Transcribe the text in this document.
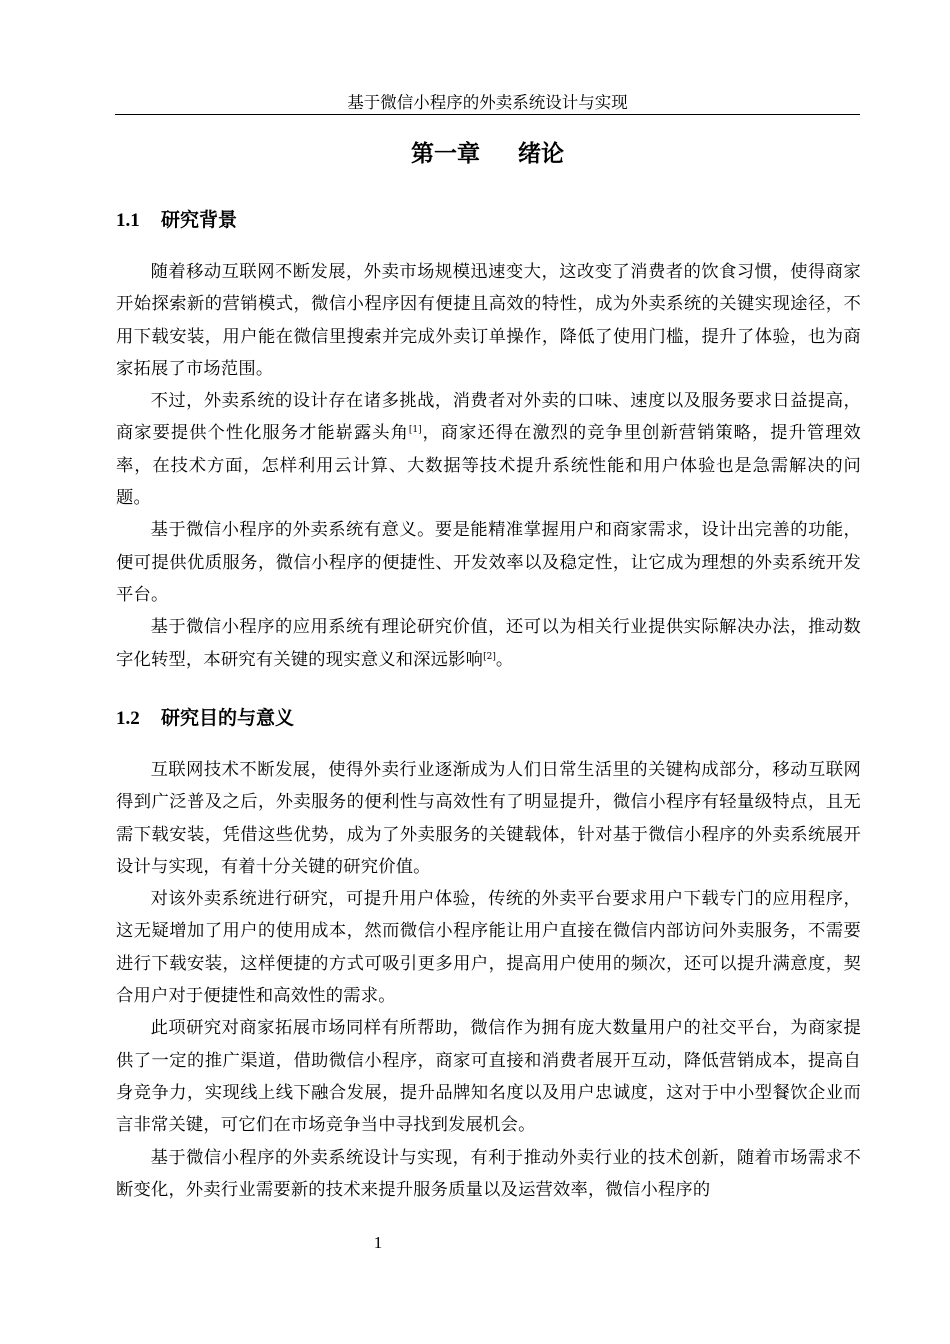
基于微信小程序的外卖系统设计与实现
第一章 绪论
1.1 研究背景

随着移动互联网不断发展，外卖市场规模迅速变大，这改变了消费者的饮食习惯，使得商家开始探索新的营销模式，微信小程序因有便捷且高效的特性，成为外卖系统的关键实现途径，不用下载安装，用户能在微信里搜索并完成外卖订单操作，降低了使用门槛，提升了体验，也为商家拓展了市场范围。

不过，外卖系统的设计存在诸多挑战，消费者对外卖的口味、速度以及服务要求日益提高，商家要提供个性化服务才能崭露头角[1]，商家还得在激烈的竞争里创新营销策略，提升管理效率，在技术方面，怎样利用云计算、大数据等技术提升系统性能和用户体验也是急需解决的问题。

基于微信小程序的外卖系统有意义。要是能精准掌握用户和商家需求，设计出完善的功能，便可提供优质服务，微信小程序的便捷性、开发效率以及稳定性，让它成为理想的外卖系统开发平台。

基于微信小程序的应用系统有理论研究价值，还可以为相关行业提供实际解决办法，推动数字化转型，本研究有关键的现实意义和深远影响[2]。

1.2 研究目的与意义

互联网技术不断发展，使得外卖行业逐渐成为人们日常生活里的关键构成部分，移动互联网得到广泛普及之后，外卖服务的便利性与高效性有了明显提升，微信小程序有轻量级特点，且无需下载安装，凭借这些优势，成为了外卖服务的关键载体，针对基于微信小程序的外卖系统展开设计与实现，有着十分关键的研究价值。

对该外卖系统进行研究，可提升用户体验，传统的外卖平台要求用户下载专门的应用程序，这无疑增加了用户的使用成本，然而微信小程序能让用户直接在微信内部访问外卖服务，不需要进行下载安装，这样便捷的方式可吸引更多用户，提高用户使用的频次，还可以提升满意度，契合用户对于便捷性和高效性的需求。

此项研究对商家拓展市场同样有所帮助，微信作为拥有庞大数量用户的社交平台，为商家提供了一定的推广渠道，借助微信小程序，商家可直接和消费者展开互动，降低营销成本，提高自身竞争力，实现线上线下融合发展，提升品牌知名度以及用户忠诚度，这对于中小型餐饮企业而言非常关键，可它们在市场竞争当中寻找到发展机会。

基于微信小程序的外卖系统设计与实现，有利于推动外卖行业的技术创新，随着市场需求不断变化，外卖行业需要新的技术来提升服务质量以及运营效率，微信小程序的

1
